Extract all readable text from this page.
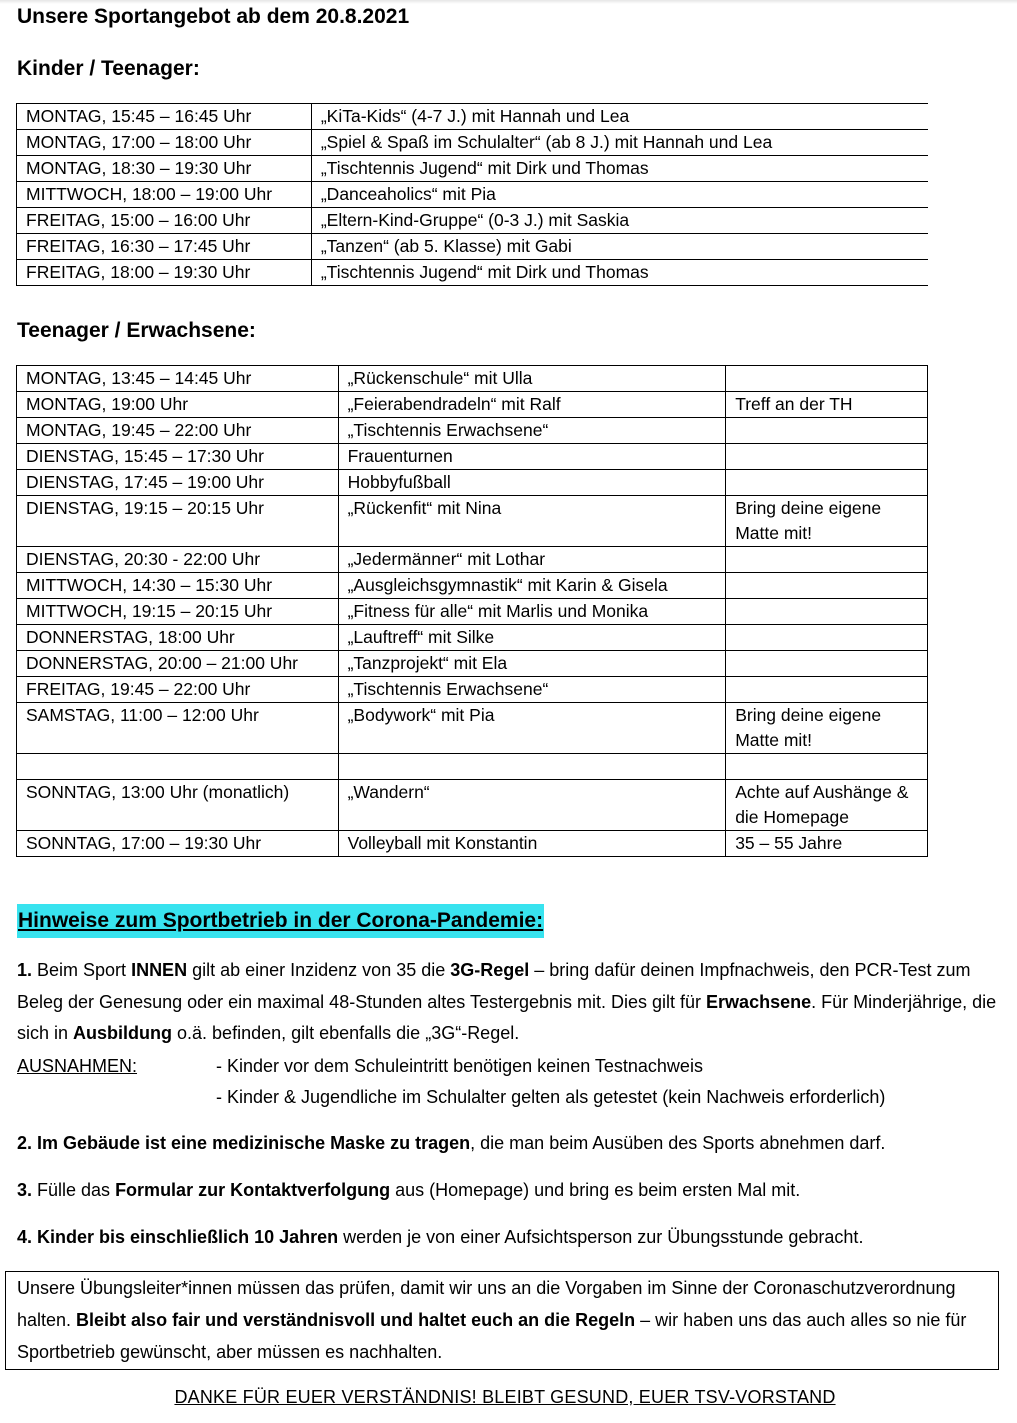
Unsere Sportangebot ab dem 20.8.2021
Kinder / Teenager:
MONTAG, 15:45 – 16:45 Uhr	„KiTa-Kids“ (4-7 J.) mit Hannah und Lea
MONTAG, 17:00 – 18:00 Uhr	„Spiel & Spaß im Schulalter“ (ab 8 J.) mit Hannah und Lea
MONTAG, 18:30 – 19:30 Uhr	„Tischtennis Jugend“ mit Dirk und Thomas
MITTWOCH, 18:00 – 19:00 Uhr	„Danceaholics“ mit Pia
FREITAG, 15:00 – 16:00 Uhr	„Eltern-Kind-Gruppe“ (0-3 J.) mit Saskia
FREITAG, 16:30 – 17:45 Uhr	„Tanzen“ (ab 5. Klasse) mit Gabi
FREITAG, 18:00 – 19:30 Uhr	„Tischtennis Jugend“ mit Dirk und Thomas
Teenager / Erwachsene:
MONTAG, 13:45 – 14:45 Uhr	„Rückenschule“ mit Ulla	
MONTAG, 19:00 Uhr	„Feierabendradeln“ mit Ralf	Treff an der TH
MONTAG, 19:45 – 22:00 Uhr	„Tischtennis Erwachsene“	
DIENSTAG, 15:45 – 17:30 Uhr	Frauenturnen	
DIENSTAG, 17:45 – 19:00 Uhr	Hobbyfußball	
DIENSTAG, 19:15 – 20:15 Uhr	„Rückenfit“ mit Nina	Bring deine eigene Matte mit!
DIENSTAG, 20:30 - 22:00 Uhr	„Jedermänner“ mit Lothar	
MITTWOCH, 14:30 – 15:30 Uhr	„Ausgleichsgymnastik“ mit Karin & Gisela	
MITTWOCH, 19:15 – 20:15 Uhr	„Fitness für alle“ mit Marlis und Monika	
DONNERSTAG, 18:00 Uhr	„Lauftreff“ mit Silke	
DONNERSTAG, 20:00 – 21:00 Uhr	„Tanzprojekt“ mit Ela	
FREITAG, 19:45 – 22:00 Uhr	„Tischtennis Erwachsene“	
SAMSTAG, 11:00 – 12:00 Uhr	„Bodywork“ mit Pia	Bring deine eigene Matte mit!

SONNTAG, 13:00 Uhr (monatlich)	„Wandern“	Achte auf Aushänge & die Homepage
SONNTAG, 17:00 – 19:30 Uhr	Volleyball mit Konstantin	35 – 55 Jahre
Hinweise zum Sportbetrieb in der Corona-Pandemie:
1. Beim Sport INNEN gilt ab einer Inzidenz von 35 die 3G-Regel – bring dafür deinen Impfnachweis, den PCR-Test zum Beleg der Genesung oder ein maximal 48-Stunden altes Testergebnis mit. Dies gilt für Erwachsene. Für Minderjährige, die sich in Ausbildung o.ä. befinden, gilt ebenfalls die „3G“-Regel.
AUSNAHMEN:	- Kinder vor dem Schuleintritt benötigen keinen Testnachweis
- Kinder & Jugendliche im Schulalter gelten als getestet (kein Nachweis erforderlich)
2. Im Gebäude ist eine medizinische Maske zu tragen, die man beim Ausüben des Sports abnehmen darf.
3. Fülle das Formular zur Kontaktverfolgung aus (Homepage) und bring es beim ersten Mal mit.
4. Kinder bis einschließlich 10 Jahren werden je von einer Aufsichtsperson zur Übungsstunde gebracht.
Unsere Übungsleiter*innen müssen das prüfen, damit wir uns an die Vorgaben im Sinne der Coronaschutzverordnung halten. Bleibt also fair und verständnisvoll und haltet euch an die Regeln – wir haben uns das auch alles so nie für Sportbetrieb gewünscht, aber müssen es nachhalten.
DANKE FÜR EUER VERSTÄNDNIS! BLEIBT GESUND, EUER TSV-VORSTAND
